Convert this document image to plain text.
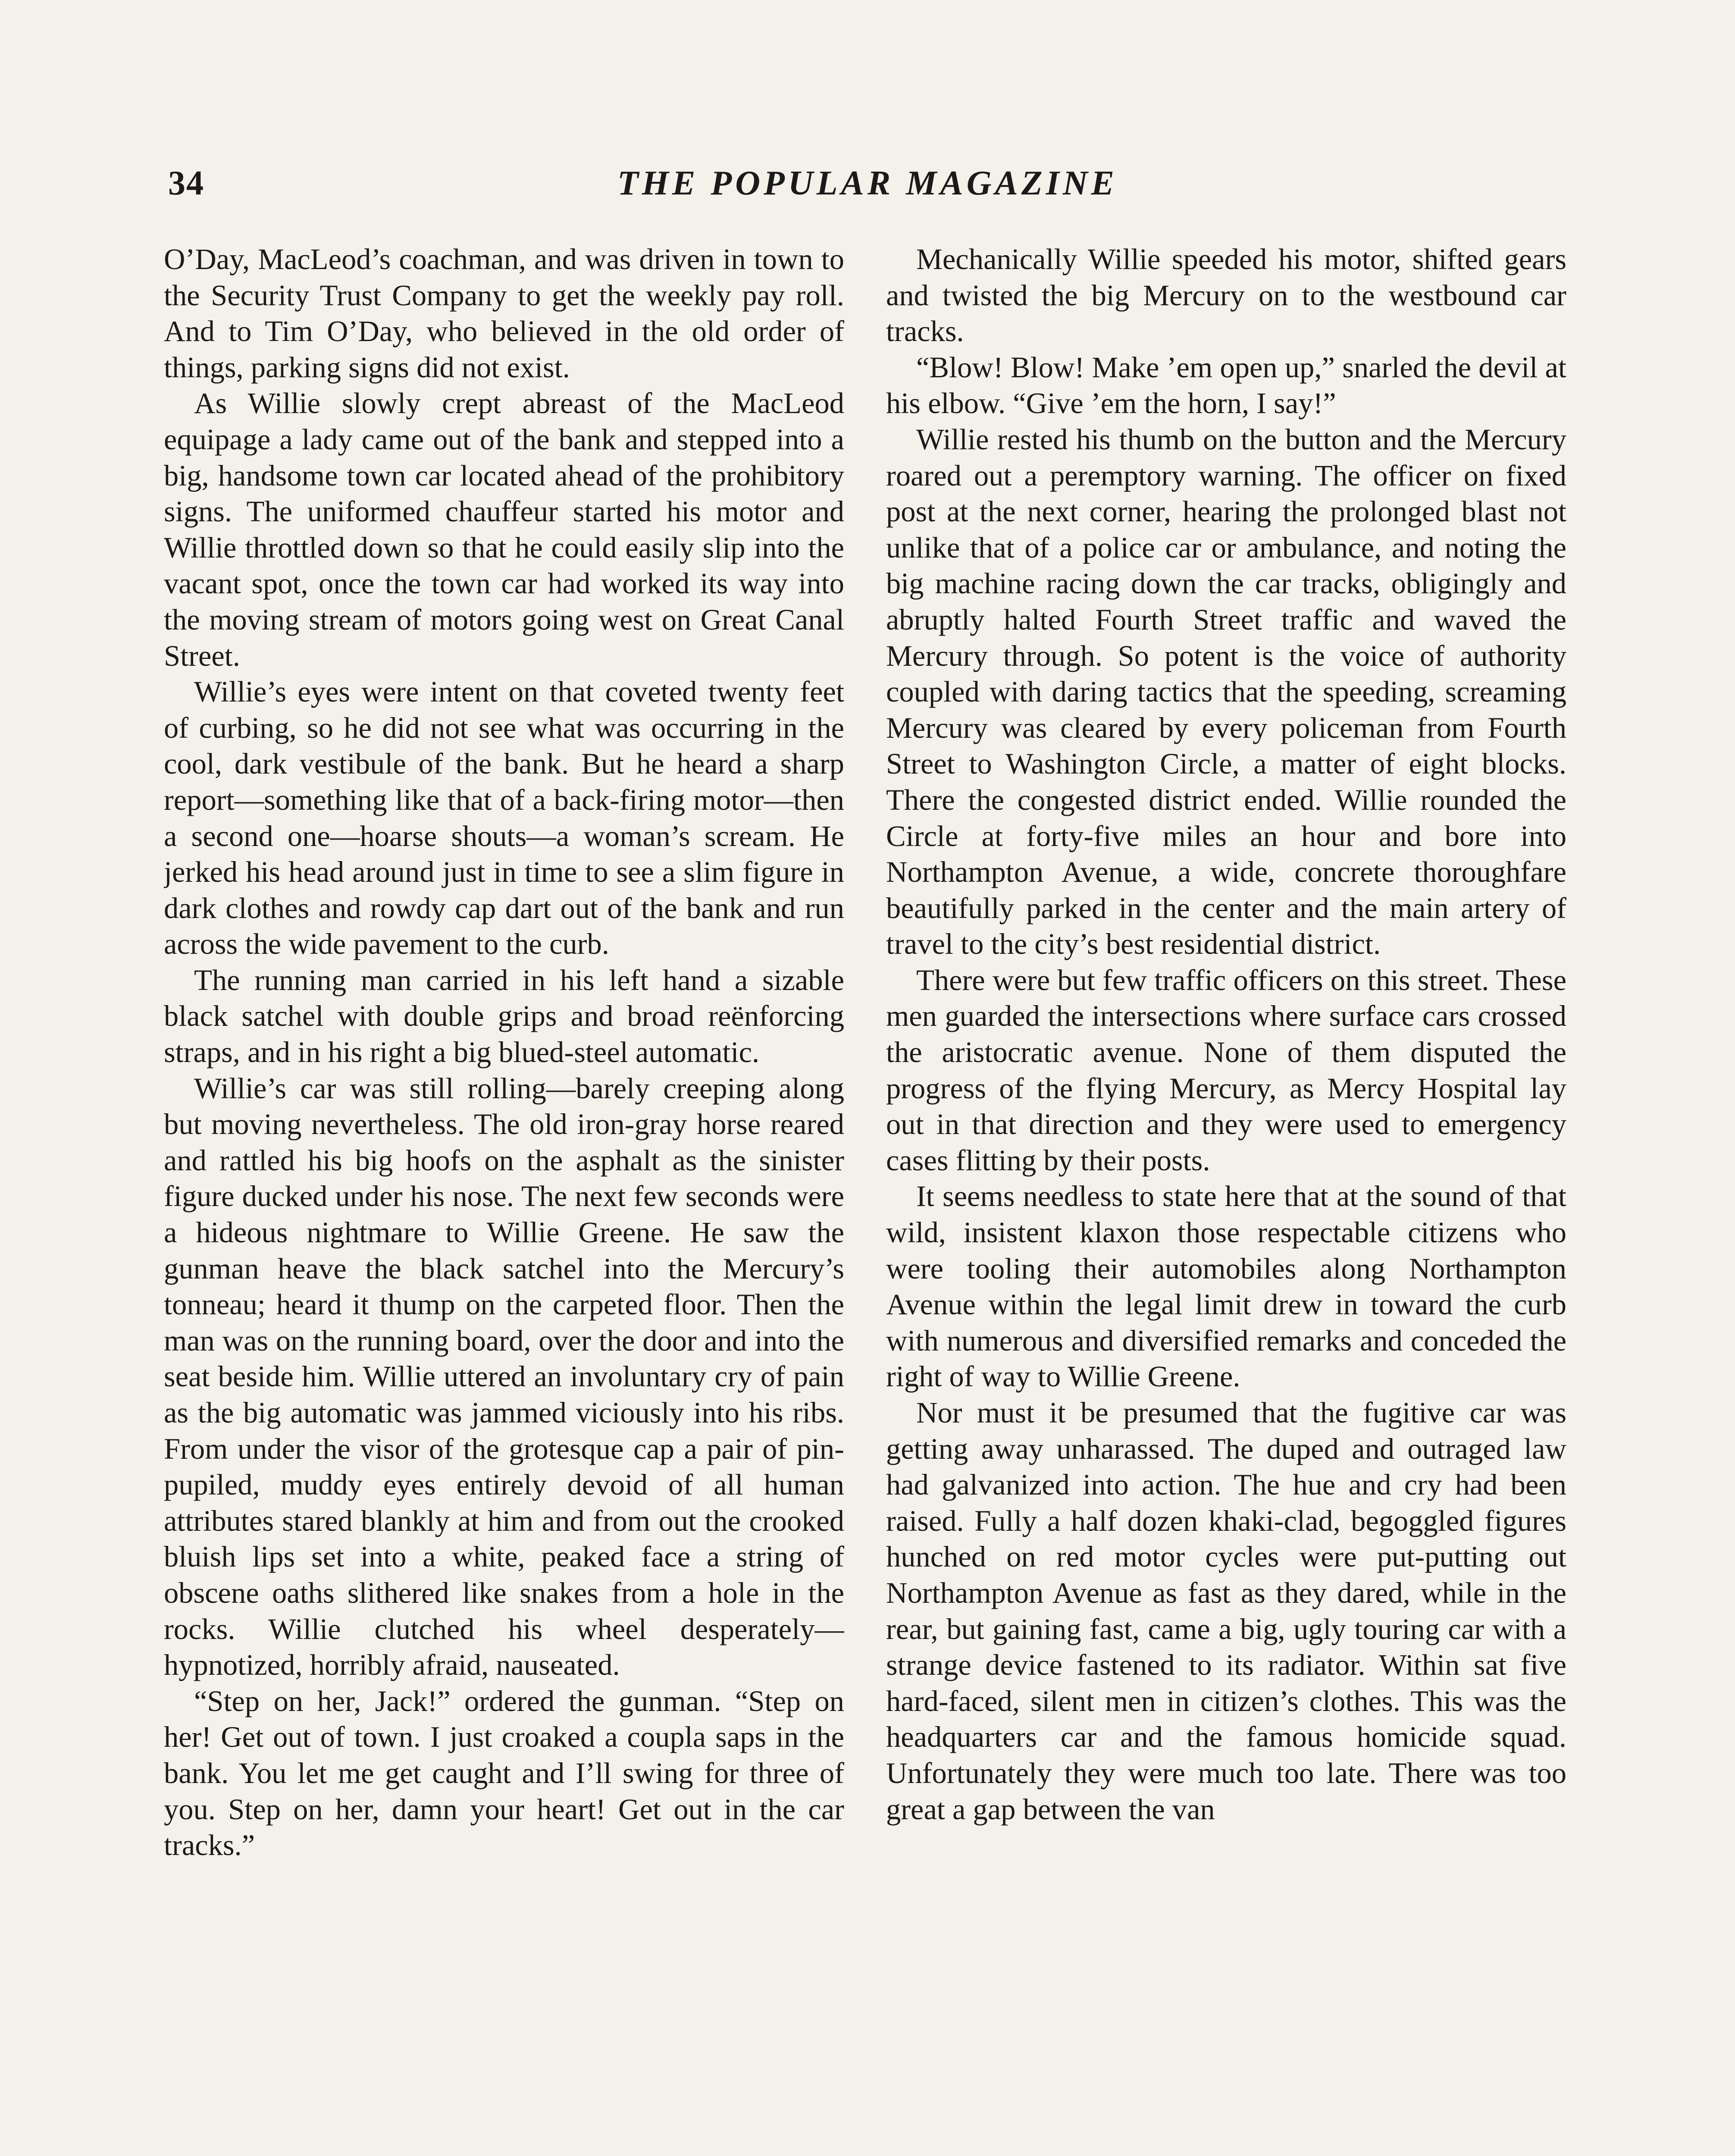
34	THE POPULAR MAGAZINE

O’Day, MacLeod’s coachman, and was driven in town to the Security Trust Company to get the weekly pay roll. And to Tim O’Day, who believed in the old order of things, parking signs did not exist.

As Willie slowly crept abreast of the MacLeod equipage a lady came out of the bank and stepped into a big, handsome town car located ahead of the prohibitory signs. The uniformed chauffeur started his motor and Willie throttled down so that he could easily slip into the vacant spot, once the town car had worked its way into the moving stream of motors going west on Great Canal Street.

Willie’s eyes were intent on that coveted twenty feet of curbing, so he did not see what was occurring in the cool, dark vestibule of the bank. But he heard a sharp report—something like that of a back-firing motor—then a second one—hoarse shouts—a woman’s scream. He jerked his head around just in time to see a slim figure in dark clothes and rowdy cap dart out of the bank and run across the wide pavement to the curb.

The running man carried in his left hand a sizable black satchel with double grips and broad reënforcing straps, and in his right a big blued-steel automatic.

Willie’s car was still rolling—barely creeping along but moving nevertheless. The old iron-gray horse reared and rattled his big hoofs on the asphalt as the sinister figure ducked under his nose. The next few seconds were a hideous nightmare to Willie Greene. He saw the gunman heave the black satchel into the Mercury’s tonneau; heard it thump on the carpeted floor. Then the man was on the running board, over the door and into the seat beside him. Willie uttered an involuntary cry of pain as the big automatic was jammed viciously into his ribs. From under the visor of the grotesque cap a pair of pin-pupiled, muddy eyes entirely devoid of all human attributes stared blankly at him and from out the crooked bluish lips set into a white, peaked face a string of obscene oaths slithered like snakes from a hole in the rocks. Willie clutched his wheel desperately—hypnotized, horribly afraid, nauseated.

“Step on her, Jack!” ordered the gunman. “Step on her! Get out of town. I just croaked a coupla saps in the bank. You let me get caught and I’ll swing for three of you. Step on her, damn your heart! Get out in the car tracks.”

Mechanically Willie speeded his motor, shifted gears and twisted the big Mercury on to the westbound car tracks.

“Blow! Blow! Make ’em open up,” snarled the devil at his elbow. “Give ’em the horn, I say!”

Willie rested his thumb on the button and the Mercury roared out a peremptory warning. The officer on fixed post at the next corner, hearing the prolonged blast not unlike that of a police car or ambulance, and noting the big machine racing down the car tracks, obligingly and abruptly halted Fourth Street traffic and waved the Mercury through. So potent is the voice of authority coupled with daring tactics that the speeding, screaming Mercury was cleared by every policeman from Fourth Street to Washington Circle, a matter of eight blocks. There the congested district ended. Willie rounded the Circle at forty-five miles an hour and bore into Northampton Avenue, a wide, concrete thoroughfare beautifully parked in the center and the main artery of travel to the city’s best residential district.

There were but few traffic officers on this street. These men guarded the intersections where surface cars crossed the aristocratic avenue. None of them disputed the progress of the flying Mercury, as Mercy Hospital lay out in that direction and they were used to emergency cases flitting by their posts.

It seems needless to state here that at the sound of that wild, insistent klaxon those respectable citizens who were tooling their automobiles along Northampton Avenue within the legal limit drew in toward the curb with numerous and diversified remarks and conceded the right of way to Willie Greene.

Nor must it be presumed that the fugitive car was getting away unharassed. The duped and outraged law had galvanized into action. The hue and cry had been raised. Fully a half dozen khaki-clad, begoggled figures hunched on red motor cycles were put-putting out Northampton Avenue as fast as they dared, while in the rear, but gaining fast, came a big, ugly touring car with a strange device fastened to its radiator. Within sat five hard-faced, silent men in citizen’s clothes. This was the headquarters car and the famous homicide squad. Unfortunately they were much too late. There was too great a gap between the van
